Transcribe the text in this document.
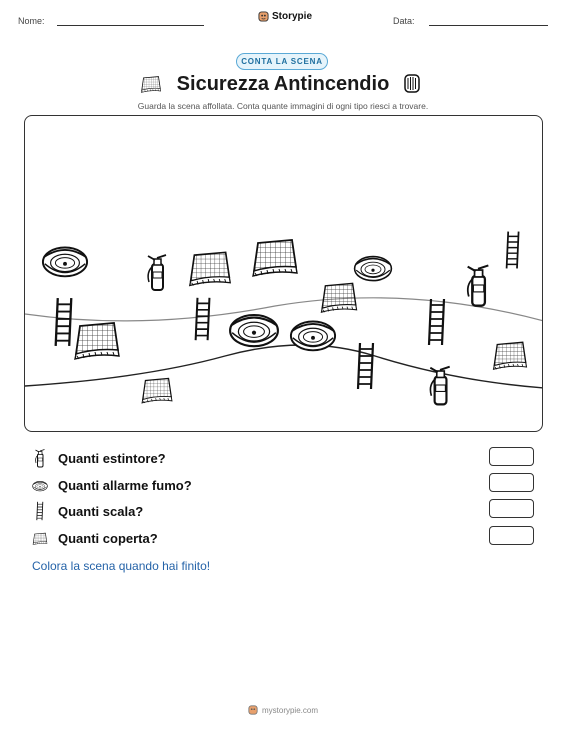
Nome:	Storypie	Data:
CONTA LA SCENA
Sicurezza Antincendio
Guarda la scena affollata. Conta quante immagini di ogni tipo riesci a trovare.
Quanti estintore?
Quanti allarme fumo?
Quanti scala?
Quanti coperta?
Colora la scena quando hai finito!
mystorypie.com
